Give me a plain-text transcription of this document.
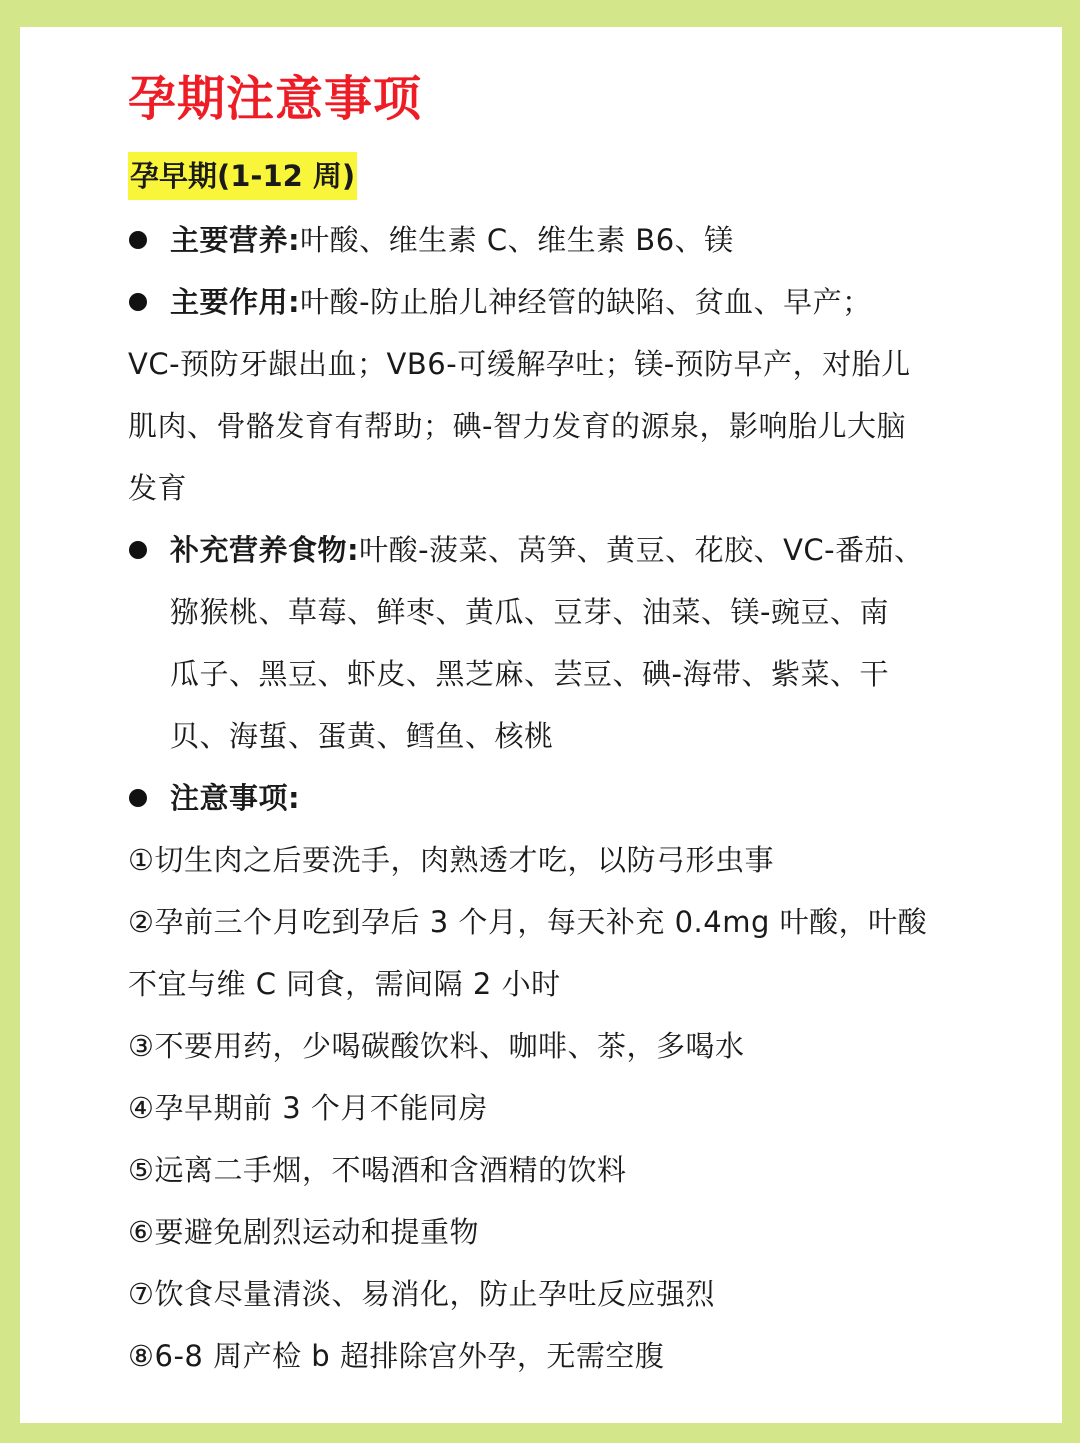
孕期注意事项
孕早期(1-12 周)
主要营养:叶酸、维生素 C、维生素 B6、镁
主要作用:叶酸-防止胎儿神经管的缺陷、贫血、早产；
VC-预防牙龈出血；VB6-可缓解孕吐；镁-预防早产，对胎儿
肌肉、骨骼发育有帮助；碘-智力发育的源泉，影响胎儿大脑
发育
补充营养食物:叶酸-菠菜、莴笋、黄豆、花胶、VC-番茄、
猕猴桃、草莓、鲜枣、黄瓜、豆芽、油菜、镁-豌豆、南
瓜子、黑豆、虾皮、黑芝麻、芸豆、碘-海带、紫菜、干
贝、海蜇、蛋黄、鳕鱼、核桃
注意事项:
①切生肉之后要洗手，肉熟透才吃，以防弓形虫事
②孕前三个月吃到孕后 3 个月，每天补充 0.4mg 叶酸，叶酸
不宜与维 C 同食，需间隔 2 小时
③不要用药，少喝碳酸饮料、咖啡、茶，多喝水
④孕早期前 3 个月不能同房
⑤远离二手烟，不喝酒和含酒精的饮料
⑥要避免剧烈运动和提重物
⑦饮食尽量清淡、易消化，防止孕吐反应强烈
⑧6-8 周产检 b 超排除宫外孕，无需空腹
